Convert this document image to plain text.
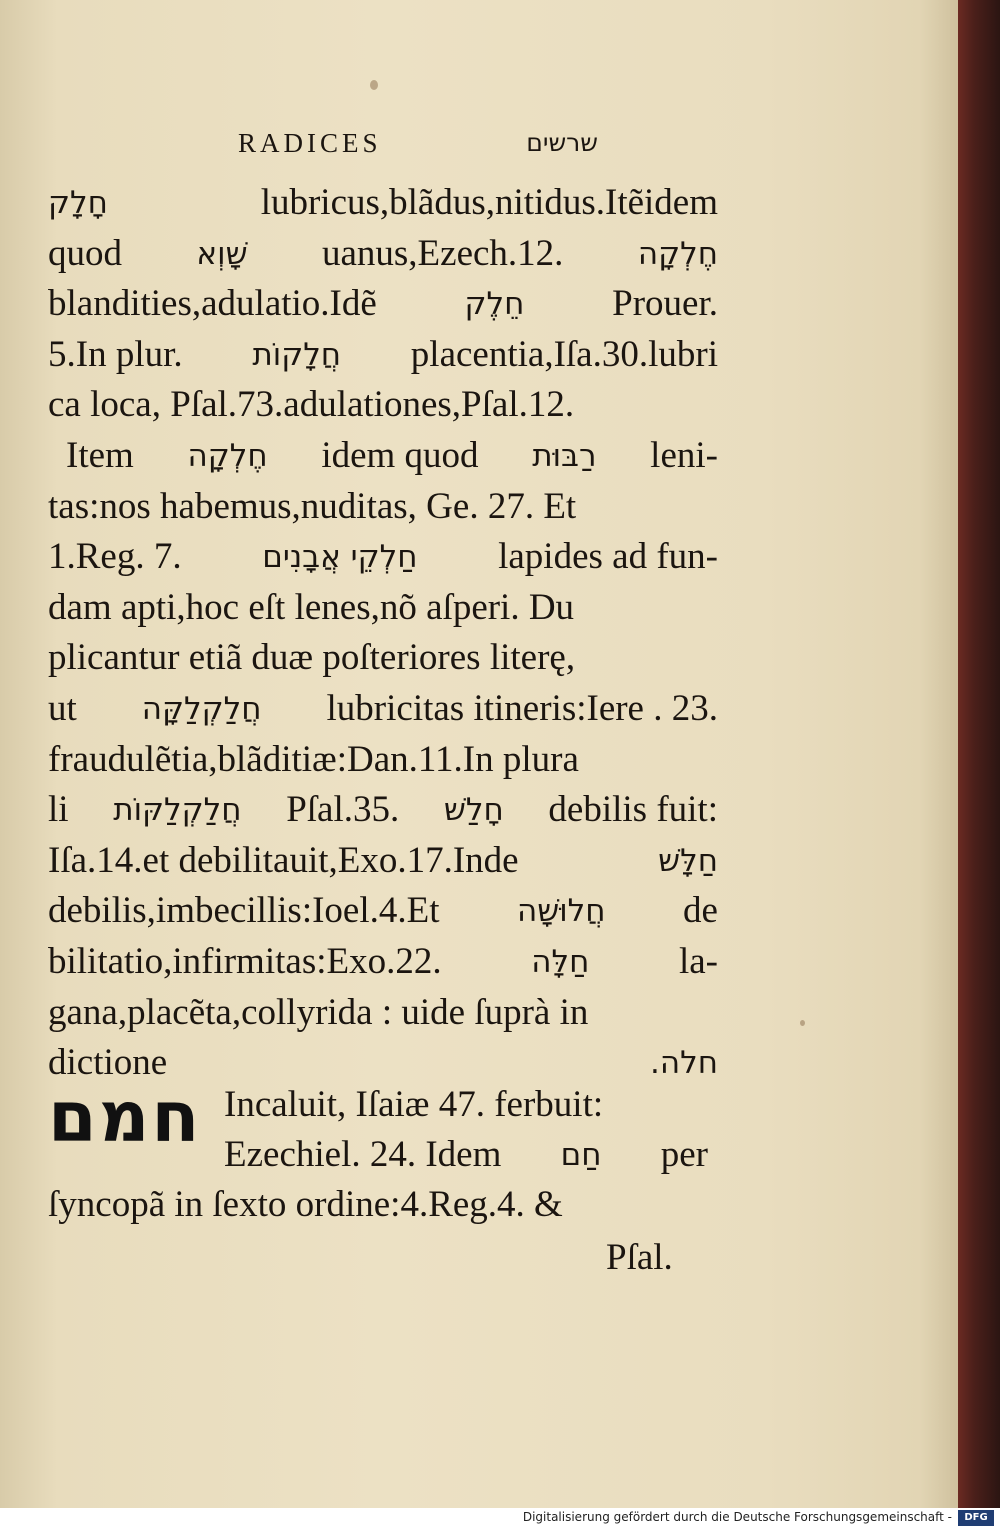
RADICES	שרשים
חָלָק	lubricus,blãdus,nitidus.Itẽidem
quod שָׁוְא uanus,Ezech.12. חֶלְקָה
blandities,adulatio.Idẽ	חֵלֶק Prouer.
5.In plur. חֲלָקוֹת placentia,Iſa.30.lubri
ca loca, Pſal.73.adulationes,Pſal.12.
Item חֶלְקָה idem quod רַבּוּת leni-
tas:nos habemus,nuditas, Ge. 27. Et
1.Reg. 7.	חַלְקֵי אֲבָנִים lapides ad fun-
dam apti,hoc eſt lenes,nõ aſperi. Du
plicantur etiã duæ poſteriores literę,
ut חֲלַקְלַקָּה lubricitas itineris:Iere . 23.
fraudulẽtia,blãditiæ:Dan.11.In plura
li חֲלַקְלַקּוֹת Pſal.35. חָלַשׁ debilis fuit:
Iſa.14.et debilitauit,Exo.17.Inde	חַלָּשׁ
debilis,imbecillis:Ioel.4.Et חֲלוּשָׁה de
bilitatio,infirmitas:Exo.22.	חַלָּה la-
gana,placẽta,collyrida : uide ſuprà in
dictione	חלה.
חמם Incaluit, Iſaiæ 47. ferbuit:
Ezechiel. 24. Idem חַם per
ſyncopã in ſexto ordine:4.Reg.4. &
Pſal.
Digitalisierung gefördert durch die Deutsche Forschungsgemeinschaft -	DFG
